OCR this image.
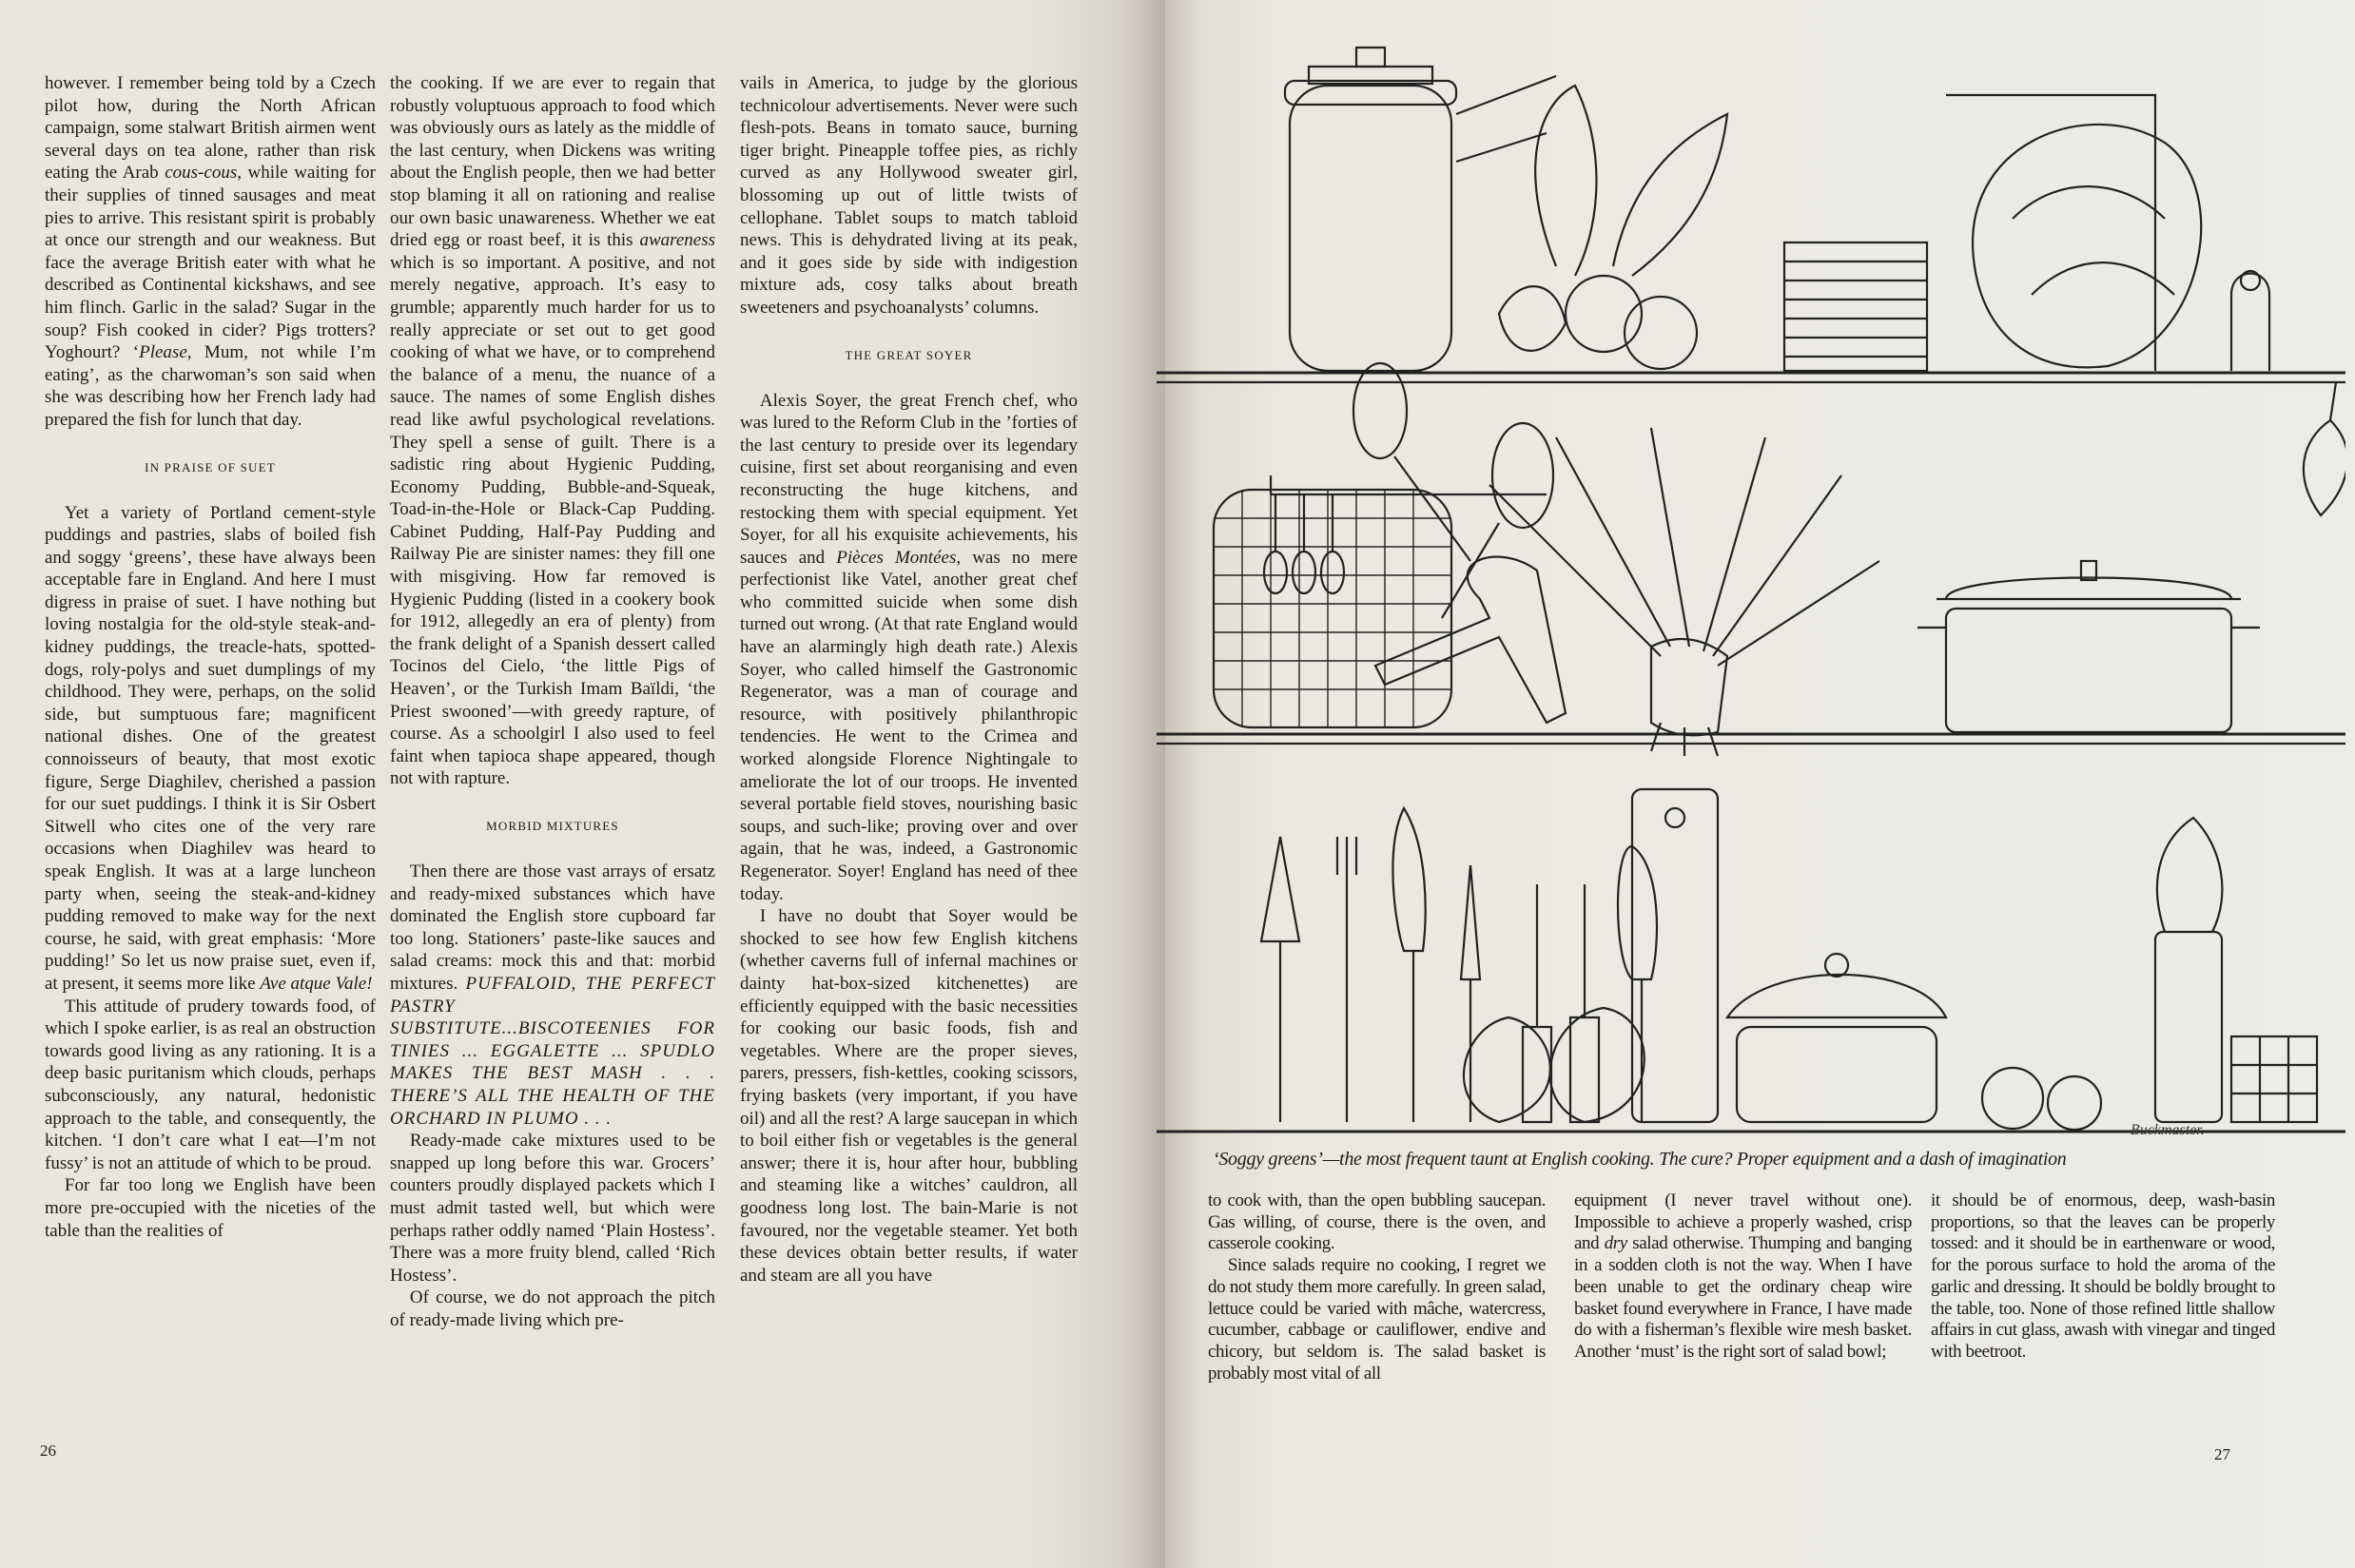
however. I remember being told by a Czech pilot how, during the North African campaign, some stalwart British airmen went several days on tea alone, rather than risk eating the Arab cous-cous, while waiting for their supplies of tinned sausages and meat pies to arrive. This resistant spirit is probably at once our strength and our weakness. But face the average British eater with what he described as Continental kickshaws, and see him flinch. Garlic in the salad? Sugar in the soup? Fish cooked in cider? Pigs trotters? Yoghourt? ‘Please, Mum, not while I’m eating’, as the charwoman’s son said when she was describing how her French lady had prepared the fish for lunch that day.

IN PRAISE OF SUET

Yet a variety of Portland cement-style puddings and pastries, slabs of boiled fish and soggy ‘greens’, these have always been acceptable fare in England. And here I must digress in praise of suet. I have nothing but loving nostalgia for the old-style steak-and-kidney puddings, the treacle-hats, spotted-dogs, roly-polys and suet dumplings of my childhood. They were, perhaps, on the solid side, but sumptuous fare; magnificent national dishes. One of the greatest connoisseurs of beauty, that most exotic figure, Serge Diaghilev, cherished a passion for our suet puddings. I think it is Sir Osbert Sitwell who cites one of the very rare occasions when Diaghilev was heard to speak English. It was at a large luncheon party when, seeing the steak-and-kidney pudding removed to make way for the next course, he said, with great emphasis: ‘More pudding!’ So let us now praise suet, even if, at present, it seems more like Ave atque Vale!

This attitude of prudery towards food, of which I spoke earlier, is as real an obstruction towards good living as any rationing. It is a deep basic puritanism which clouds, perhaps subconsciously, any natural, hedonistic approach to the table, and consequently, the kitchen. ‘I don’t care what I eat—I’m not fussy’ is not an attitude of which to be proud.

For far too long we English have been more pre-occupied with the niceties of the table than the realities of

the cooking. If we are ever to regain that robustly voluptuous approach to food which was obviously ours as lately as the middle of the last century, when Dickens was writing about the English people, then we had better stop blaming it all on rationing and realise our own basic unawareness. Whether we eat dried egg or roast beef, it is this awareness which is so important. A positive, and not merely negative, approach. It’s easy to grumble; apparently much harder for us to really appreciate or set out to get good cooking of what we have, or to comprehend the balance of a menu, the nuance of a sauce. The names of some English dishes read like awful psychological revelations. They spell a sense of guilt. There is a sadistic ring about Hygienic Pudding, Economy Pudding, Bubble-and-Squeak, Toad-in-the-Hole or Black-Cap Pudding. Cabinet Pudding, Half-Pay Pudding and Railway Pie are sinister names: they fill one with misgiving. How far removed is Hygienic Pudding (listed in a cookery book for 1912, allegedly an era of plenty) from the frank delight of a Spanish dessert called Tocinos del Cielo, ‘the little Pigs of Heaven’, or the Turkish Imam Baïldi, ‘the Priest swooned’—with greedy rapture, of course. As a schoolgirl I also used to feel faint when tapioca shape appeared, though not with rapture.

MORBID MIXTURES

Then there are those vast arrays of ersatz and ready-mixed substances which have dominated the English store cupboard far too long. Stationers’ paste-like sauces and salad creams: mock this and that: morbid mixtures. PUFFALOID, THE PERFECT PASTRY SUBSTITUTE...BISCOTEENIES FOR TINIES ... EGGALETTE ... SPUDLO MAKES THE BEST MASH . . . THERE’S ALL THE HEALTH OF THE ORCHARD IN PLUMO . . .

Ready-made cake mixtures used to be snapped up long before this war. Grocers’ counters proudly displayed packets which I must admit tasted well, but which were perhaps rather oddly named ‘Plain Hostess’. There was a more fruity blend, called ‘Rich Hostess’.

Of course, we do not approach the pitch of ready-made living which pre-

vails in America, to judge by the glorious technicolour advertisements. Never were such flesh-pots. Beans in tomato sauce, burning tiger bright. Pineapple toffee pies, as richly curved as any Hollywood sweater girl, blossoming up out of little twists of cellophane. Tablet soups to match tabloid news. This is dehydrated living at its peak, and it goes side by side with indigestion mixture ads, cosy talks about breath sweeteners and psychoanalysts’ columns.

THE GREAT SOYER

Alexis Soyer, the great French chef, who was lured to the Reform Club in the ’forties of the last century to preside over its legendary cuisine, first set about reorganising and even reconstructing the huge kitchens, and restocking them with special equipment. Yet Soyer, for all his exquisite achievements, his sauces and Pièces Montées, was no mere perfectionist like Vatel, another great chef who committed suicide when some dish turned out wrong. (At that rate England would have an alarmingly high death rate.) Alexis Soyer, who called himself the Gastronomic Regenerator, was a man of courage and resource, with positively philanthropic tendencies. He went to the Crimea and worked alongside Florence Nightingale to ameliorate the lot of our troops. He invented several portable field stoves, nourishing basic soups, and such-like; proving over and over again, that he was, indeed, a Gastronomic Regenerator. Soyer! England has need of thee today.

I have no doubt that Soyer would be shocked to see how few English kitchens (whether caverns full of infernal machines or dainty hat-box-sized kitchenettes) are efficiently equipped with the basic necessities for cooking our basic foods, fish and vegetables. Where are the proper sieves, parers, pressers, fish-kettles, cooking scissors, frying baskets (very important, if you have oil) and all the rest? A large saucepan in which to boil either fish or vegetables is the general answer; there it is, hour after hour, bubbling and steaming like a witches’ cauldron, all goodness long lost. The bain-Marie is not favoured, nor the vegetable steamer. Yet both these devices obtain better results, if water and steam are all you have

26
Buckmaster.
‘Soggy greens’—the most frequent taunt at English cooking. The cure? Proper equipment and a dash of imagination

to cook with, than the open bubbling saucepan. Gas willing, of course, there is the oven, and casserole cooking.

Since salads require no cooking, I regret we do not study them more carefully. In green salad, lettuce could be varied with mâche, watercress, cucumber, cabbage or cauliflower, endive and chicory, but seldom is. The salad basket is probably most vital of all

equipment (I never travel without one). Impossible to achieve a properly washed, crisp and dry salad otherwise. Thumping and banging in a sodden cloth is not the way. When I have been unable to get the ordinary cheap wire basket found everywhere in France, I have made do with a fisherman’s flexible wire mesh basket. Another ‘must’ is the right sort of salad bowl;

it should be of enormous, deep, wash-basin proportions, so that the leaves can be properly tossed: and it should be in earthenware or wood, for the porous surface to hold the aroma of the garlic and dressing. It should be boldly brought to the table, too. None of those refined little shallow affairs in cut glass, awash with vinegar and tinged with beetroot.

27
